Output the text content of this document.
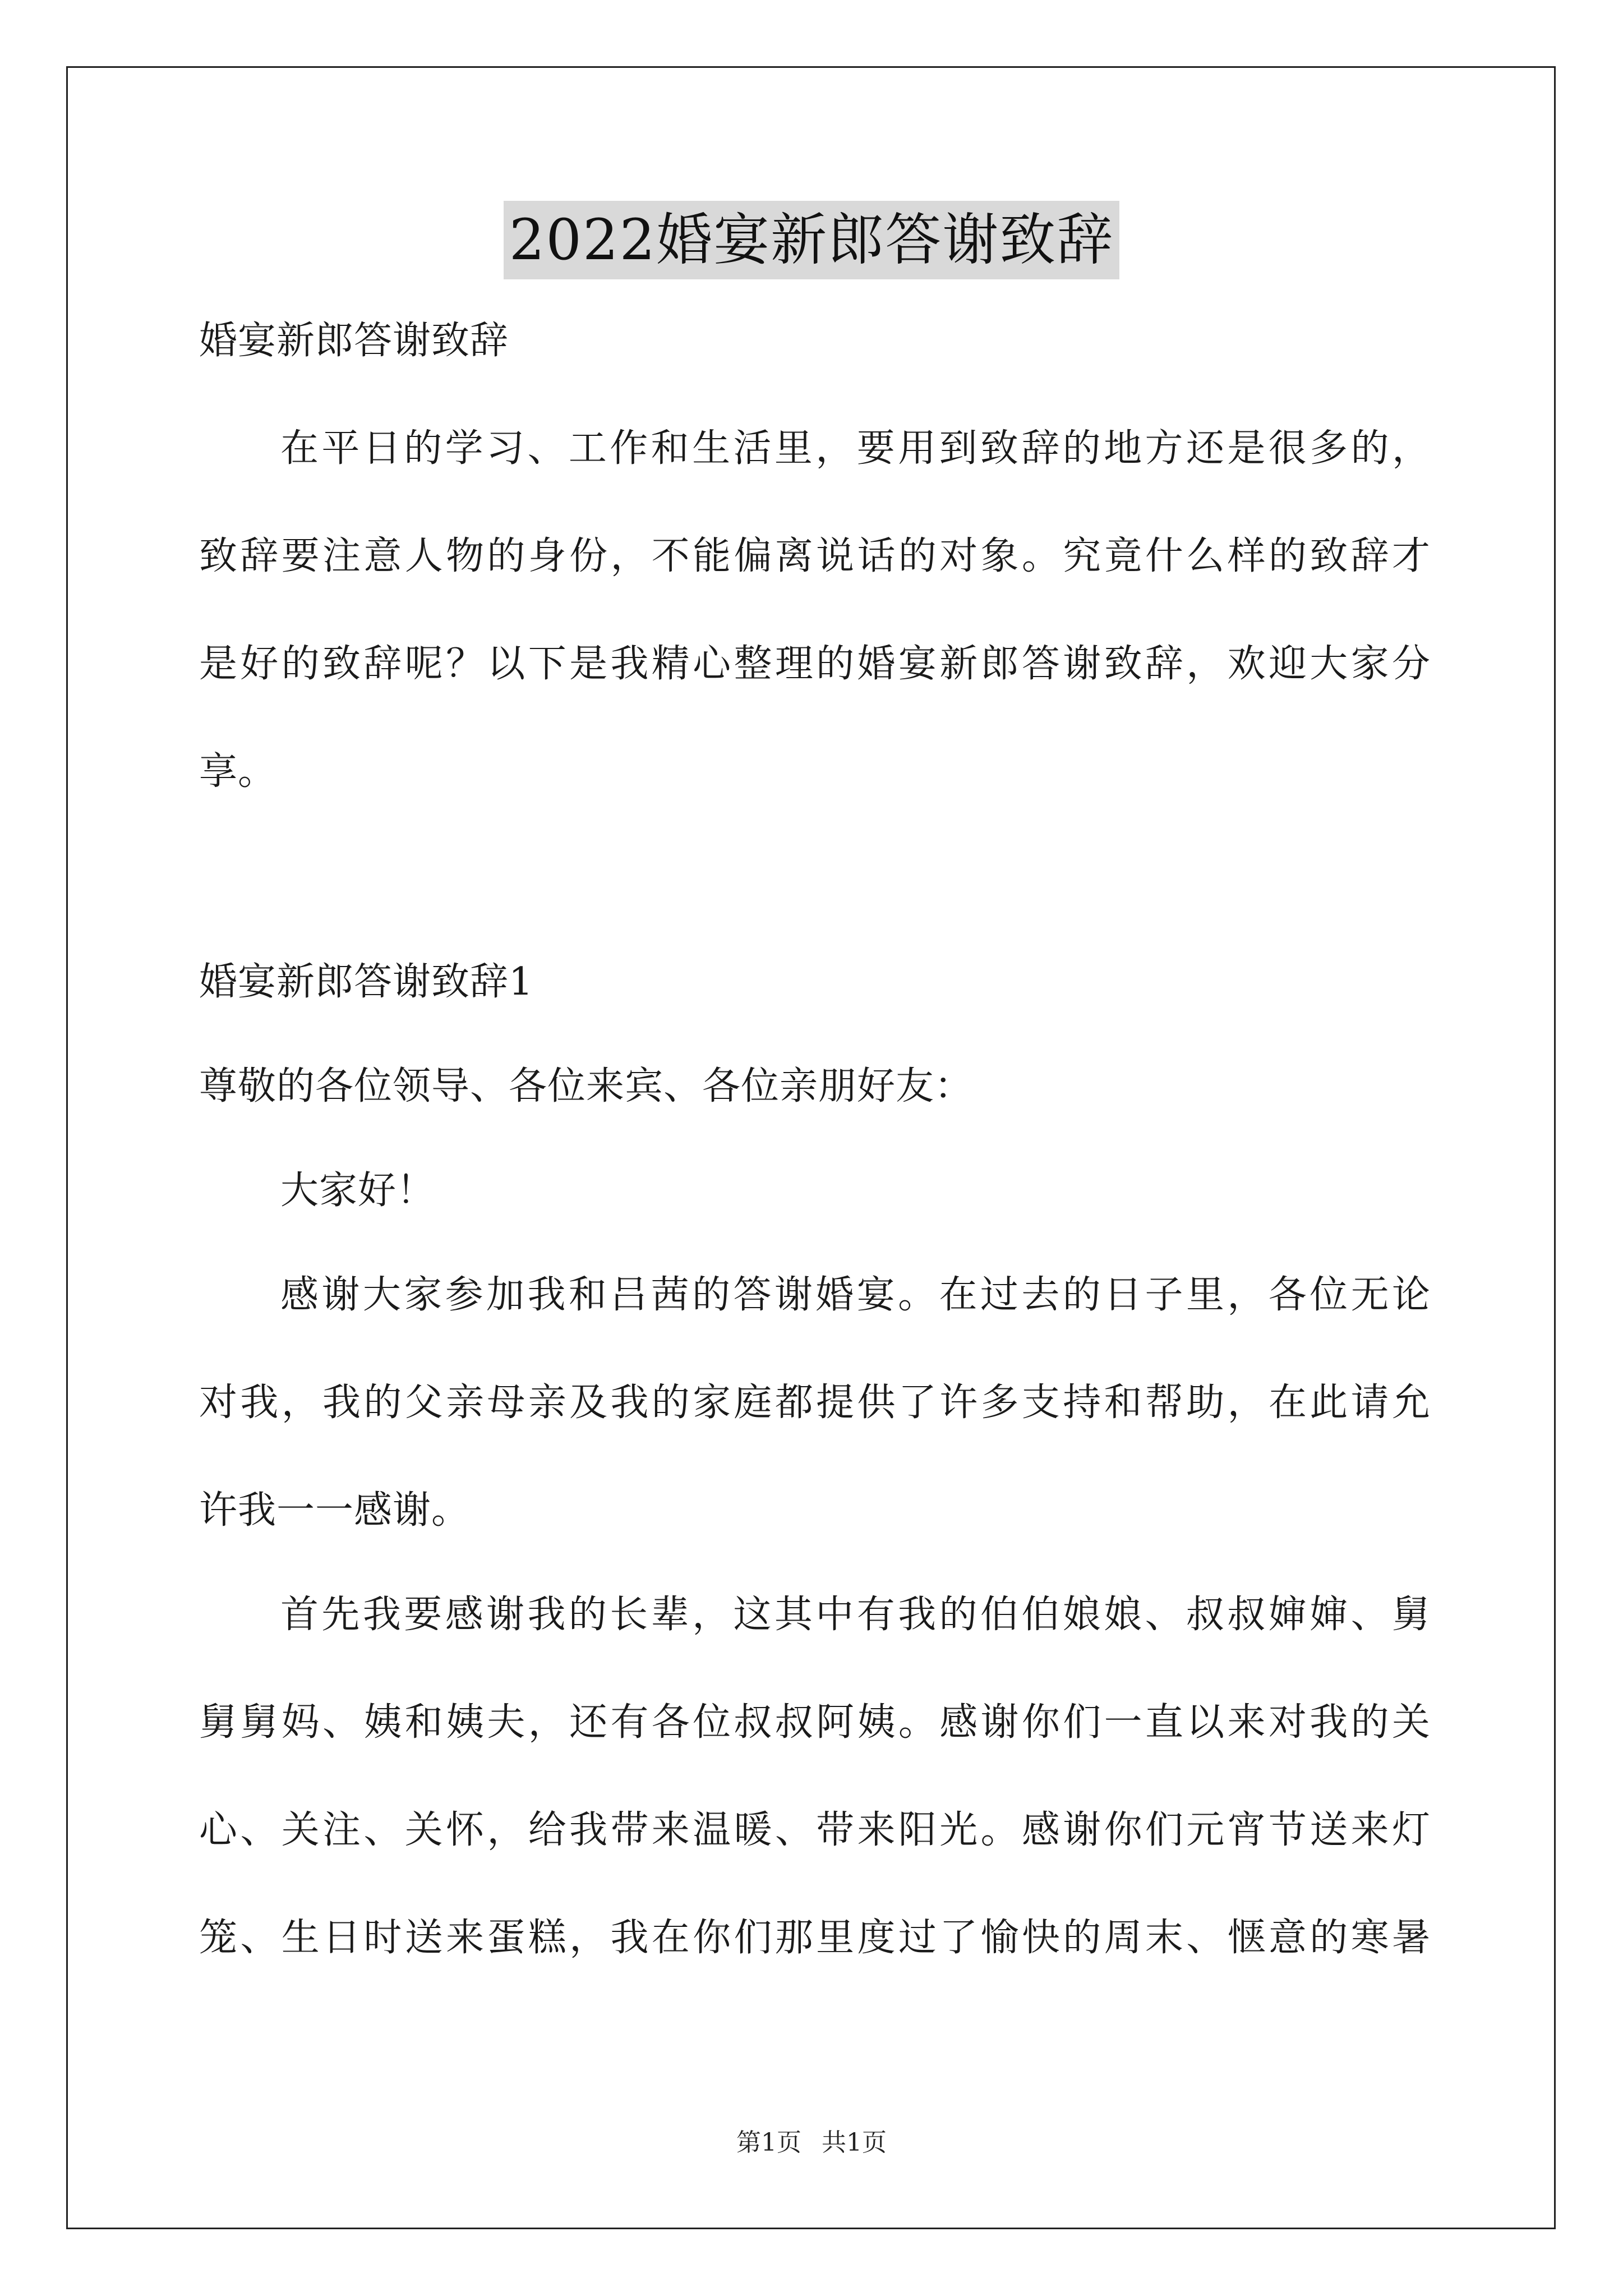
2022婚宴新郎答谢致辞
婚宴新郎答谢致辞
在平日的学习、工作和生活里，要用到致辞的地方还是很多的，
致辞要注意人物的身份，不能偏离说话的对象。究竟什么样的致辞才
是好的致辞呢？以下是我精心整理的婚宴新郎答谢致辞，欢迎大家分
享。
婚宴新郎答谢致辞1
尊敬的各位领导、各位来宾、各位亲朋好友：
大家好！
感谢大家参加我和吕茜的答谢婚宴。在过去的日子里，各位无论
对我，我的父亲母亲及我的家庭都提供了许多支持和帮助，在此请允
许我一一感谢。
首先我要感谢我的长辈，这其中有我的伯伯娘娘、叔叔婶婶、舅
舅舅妈、姨和姨夫，还有各位叔叔阿姨。感谢你们一直以来对我的关
心、关注、关怀，给我带来温暖、带来阳光。感谢你们元宵节送来灯
笼、生日时送来蛋糕，我在你们那里度过了愉快的周末、惬意的寒暑
第1页 共1页
